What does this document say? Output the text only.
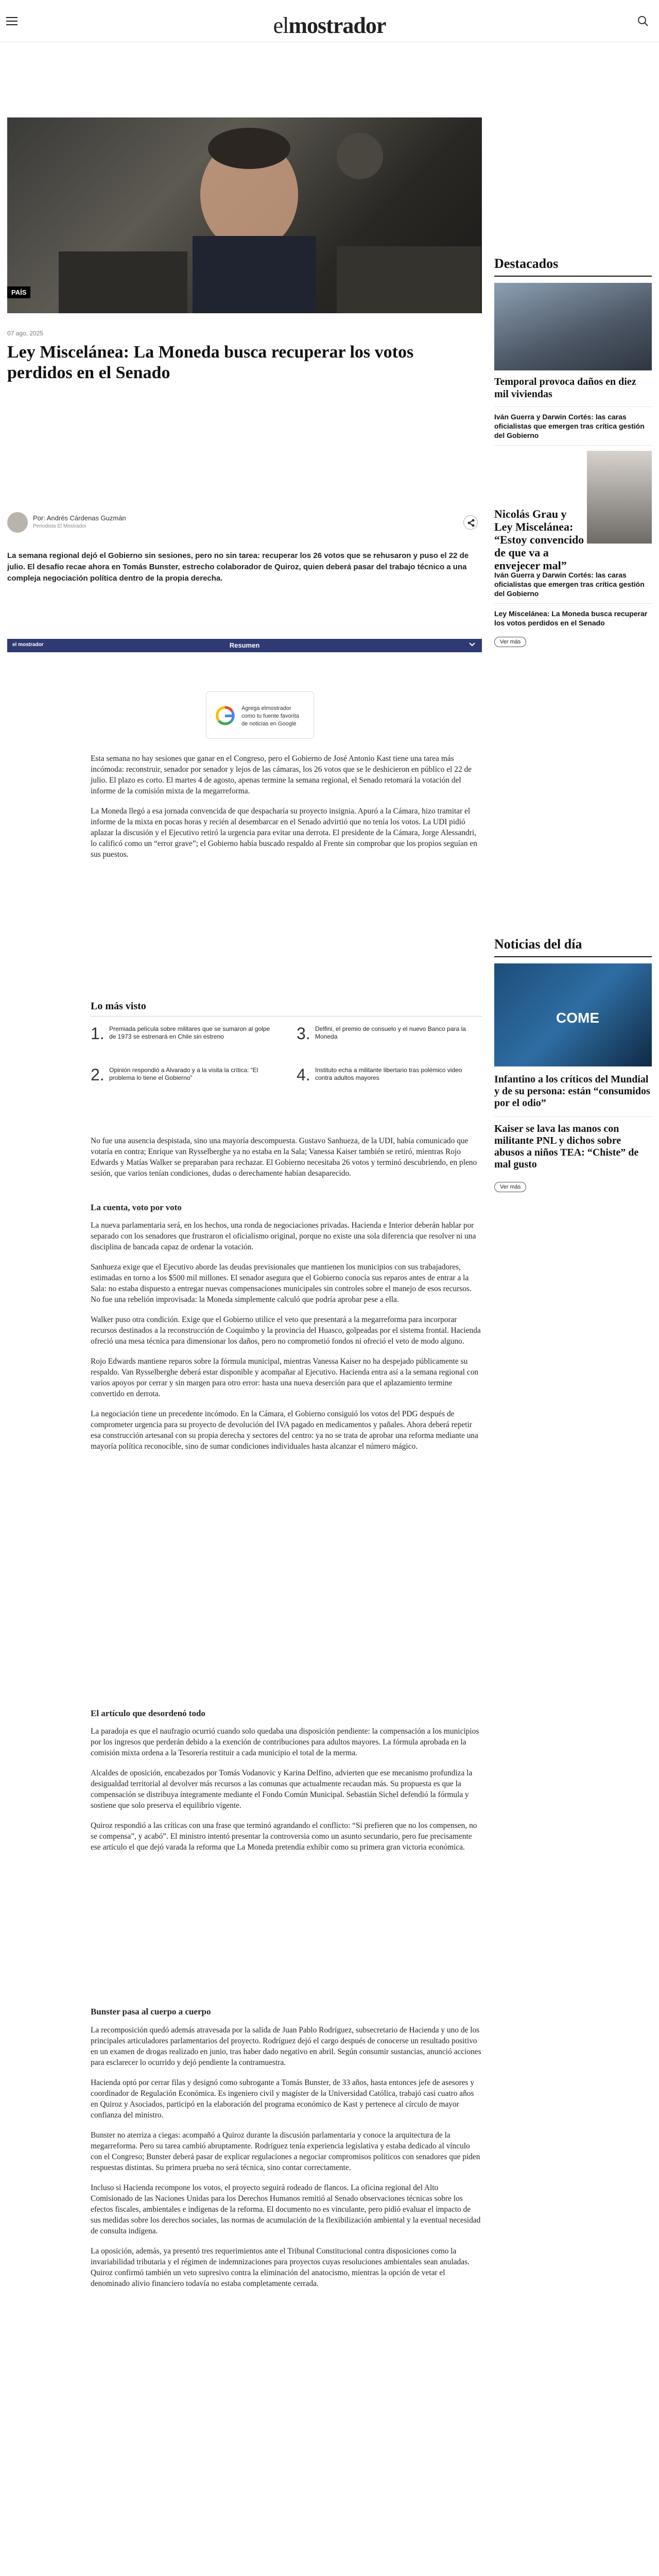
elmostrador
PAÍS
07 ago, 2025
Ley Miscelánea: La Moneda busca recuperar los votos perdidos en el Senado
Por: Andrés Cárdenas Guzmán
Periodista El Mostrador

La semana regional dejó el Gobierno sin sesiones, pero no sin tarea: recuperar los 26 votos que se rehusaron y puso el 22 de julio. El desafío recae ahora en Tomás Bunster, estrecho colaborador de Quiroz, quien deberá pasar del trabajo técnico a una compleja negociación política dentro de la propia derecha.

el mostrador	Resumen
Agrega elmostrador
como tu fuente favorita
de noticias en Google

Esta semana no hay sesiones que ganar en el Congreso, pero el Gobierno de José Antonio Kast tiene una tarea más incómoda: reconstruir, senador por senador y lejos de las cámaras, los 26 votos que se le deshicieron en público el 22 de julio. El plazo es corto. El martes 4 de agosto, apenas termine la semana regional, el Senado retomará la votación del informe de la comisión mixta de la megarreforma.

La Moneda llegó a esa jornada convencida de que despacharía su proyecto insignia. Apuró a la Cámara, hizo tramitar el informe de la mixta en pocas horas y recién al desembarcar en el Senado advirtió que no tenía los votos. La UDI pidió aplazar la discusión y el Ejecutivo retiró la urgencia para evitar una derrota. El presidente de la Cámara, Jorge Alessandri, lo calificó como un “error grave”; el Gobierno había buscado respaldo al Frente sin comprobar que los propios seguían en sus puestos.

Lo más visto
1. Premiada película sobre militares que se sumaron al golpe de 1973 se estrenará en Chile sin estreno	3. Delfini, el premio de consuelo y el nuevo Banco para la Moneda
2. Opinión respondió a Alvarado y a la visita la crítica: “El problema lo tiene el Gobierno”	4. Instituto echa a militante libertario tras polémico video contra adultos mayores

No fue una ausencia despistada, sino una mayoría descompuesta. Gustavo Sanhueza, de la UDI, había comunicado que votaría en contra; Enrique van Rysselberghe ya no estaba en la Sala; Vanessa Kaiser también se retiró, mientras Rojo Edwards y Matías Walker se preparaban para rechazar. El Gobierno necesitaba 26 votos y terminó descubriendo, en pleno sesión, que varios tenían condiciones, dudas o derechamente habían desaparecido.

La cuenta, voto por voto

La nueva parlamentaria será, en los hechos, una ronda de negociaciones privadas. Hacienda e Interior deberán hablar por separado con los senadores que frustraron el oficialismo original, porque no existe una sola diferencia que resolver ni una disciplina de bancada capaz de ordenar la votación.

Sanhueza exige que el Ejecutivo aborde las deudas previsionales que mantienen los municipios con sus trabajadores, estimadas en torno a los $500 mil millones. El senador asegura que el Gobierno conocía sus reparos antes de entrar a la Sala: no estaba dispuesto a entregar nuevas compensaciones municipales sin controles sobre el manejo de esos recursos. No fue una rebelión improvisada: la Moneda simplemente calculó que podría aprobar pese a ella.

Walker puso otra condición. Exige que el Gobierno utilice el veto que presentará a la megarreforma para incorporar recursos destinados a la reconstrucción de Coquimbo y la provincia del Huasco, golpeadas por el sistema frontal. Hacienda ofreció una mesa técnica para dimensionar los daños, pero no comprometió fondos ni ofreció el veto de modo alguno.

Rojo Edwards mantiene reparos sobre la fórmula municipal, mientras Vanessa Kaiser no ha despejado públicamente su respaldo. Van Rysselberghe deberá estar disponible y acompañar al Ejecutivo. Hacienda entra así a la semana regional con varios apoyos por cerrar y sin margen para otro error: hasta una nueva deserción para que el aplazamiento termine convertido en derrota.

La negociación tiene un precedente incómodo. En la Cámara, el Gobierno consiguió los votos del PDG después de comprometer urgencia para su proyecto de devolución del IVA pagado en medicamentos y pañales. Ahora deberá repetir esa construcción artesanal con su propia derecha y sectores del centro: ya no se trata de aprobar una reforma mediante una mayoría política reconocible, sino de sumar condiciones individuales hasta alcanzar el número mágico.

El artículo que desordenó todo

La paradoja es que el naufragio ocurrió cuando solo quedaba una disposición pendiente: la compensación a los municipios por los ingresos que perderán debido a la exención de contribuciones para adultos mayores. La fórmula aprobada en la comisión mixta ordena a la Tesorería restituir a cada municipio el total de la merma.

Alcaldes de oposición, encabezados por Tomás Vodanovic y Karina Delfino, advierten que ese mecanismo profundiza la desigualdad territorial al devolver más recursos a las comunas que actualmente recaudan más. Su propuesta es que la compensación se distribuya íntegramente mediante el Fondo Común Municipal. Sebastián Sichel defendió la fórmula y sostiene que solo preserva el equilibrio vigente.

Quiroz respondió a las críticas con una frase que terminó agrandando el conflicto: “Si prefieren que no los compensen, no se compensa”, y acabó”. El ministro intentó presentar la controversia como un asunto secundario, pero fue precisamente ese artículo el que dejó varada la reforma que La Moneda pretendía exhibir como su primera gran victoria económica.

Bunster pasa al cuerpo a cuerpo

La recomposición quedó además atravesada por la salida de Juan Pablo Rodríguez, subsecretario de Hacienda y uno de los principales articuladores parlamentarios del proyecto. Rodríguez dejó el cargo después de conocerse un resultado positivo en un examen de drogas realizado en junio, tras haber dado negativo en abril. Según consumir sustancias, anunció acciones para esclarecer lo ocurrido y dejó pendiente la contramuestra.

Hacienda optó por cerrar filas y designó como subrogante a Tomás Bunster, de 33 años, hasta entonces jefe de asesores y coordinador de Regulación Económica. Es ingeniero civil y magíster de la Universidad Católica, trabajó casi cuatro años en Quiroz y Asociados, participó en la elaboración del programa económico de Kast y pertenece al círculo de mayor confianza del ministro.

Bunster no aterriza a ciegas: acompañó a Quiroz durante la discusión parlamentaria y conoce la arquitectura de la megarreforma. Pero su tarea cambió abruptamente. Rodríguez tenía experiencia legislativa y estaba dedicado al vínculo con el Congreso; Bunster deberá pasar de explicar regulaciones a negociar compromisos políticos con senadores que piden respuestas distintas. Su primera prueba no será técnica, sino contar correctamente.

Incluso si Hacienda recompone los votos, el proyecto seguirá rodeado de flancos. La oficina regional del Alto Comisionado de las Naciones Unidas para los Derechos Humanos remitió al Senado observaciones técnicas sobre los efectos fiscales, ambientales e indígenas de la reforma. El documento no es vinculante, pero pidió evaluar el impacto de sus medidas sobre los derechos sociales, las normas de acumulación de la flexibilización ambiental y la eventual necesidad de consulta indígena.

La oposición, además, ya presentó tres requerimientos ante el Tribunal Constitucional contra disposiciones como la invariabilidad tributaria y el régimen de indemnizaciones para proyectos cuyas resoluciones ambientales sean anuladas. Quiroz confirmó también un veto supresivo contra la eliminación del anatocismo, mientras la opción de vetar el denominado alivio financiero todavía no estaba completamente cerrada.

Destacados
Temporal provoca daños en diez mil viviendas
Iván Guerra y Darwin Cortés: las caras oficialistas que emergen tras crítica gestión del Gobierno
Nicolás Grau y Ley Miscelánea: “Estoy convencido de que va a envejecer mal”
Iván Guerra y Darwin Cortés: las caras oficialistas que emergen tras crítica gestión del Gobierno
Ley Miscelánea: La Moneda busca recuperar los votos perdidos en el Senado
Ver más
Noticias del día
COME
Infantino a los críticos del Mundial y de su persona: están “consumidos por el odio”
Kaiser se lava las manos con militante PNL y dichos sobre abusos a niños TEA: “Chiste” de mal gusto
Ver más
